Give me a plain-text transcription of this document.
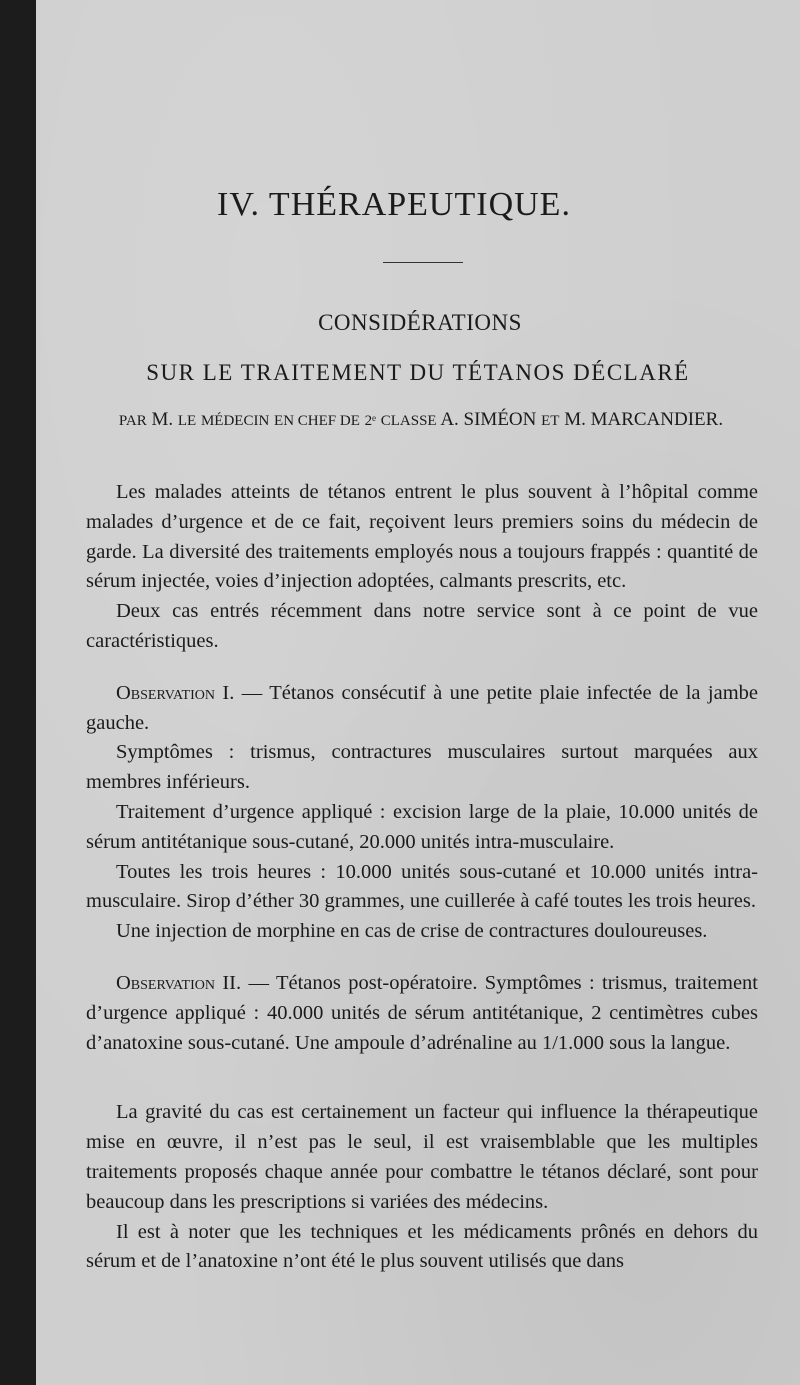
IV. THÉRAPEUTIQUE.
CONSIDÉRATIONS
SUR LE TRAITEMENT DU TÉTANOS DÉCLARÉ

PAR M. LE MÉDECIN EN CHEF DE 2ᵉ CLASSE A. SIMÉON ET M. MARCANDIER.

Les malades atteints de tétanos entrent le plus souvent à l’hôpital comme malades d’urgence et de ce fait, reçoivent leurs premiers soins du médecin de garde. La diversité des traitements employés nous a toujours frappés : quantité de sérum injectée, voies d’injection adoptées, calmants prescrits, etc.

Deux cas entrés récemment dans notre service sont à ce point de vue caractéristiques.

Observation I. — Tétanos consécutif à une petite plaie infectée de la jambe gauche.

Symptômes : trismus, contractures musculaires surtout marquées aux membres inférieurs.

Traitement d’urgence appliqué : excision large de la plaie, 10.000 unités de sérum antitétanique sous-cutané, 20.000 unités intra-musculaire.

Toutes les trois heures : 10.000 unités sous-cutané et 10.000 unités intra-musculaire. Sirop d’éther 30 grammes, une cuillerée à café toutes les trois heures.

Une injection de morphine en cas de crise de contractures douloureuses.

Observation II. — Tétanos post-opératoire. Symptômes : trismus, traitement d’urgence appliqué : 40.000 unités de sérum antitétanique, 2 centimètres cubes d’anatoxine sous-cutané. Une ampoule d’adrénaline au 1/1.000 sous la langue.

La gravité du cas est certainement un facteur qui influence la thérapeutique mise en œuvre, il n’est pas le seul, il est vraisemblable que les multiples traitements proposés chaque année pour combattre le tétanos déclaré, sont pour beaucoup dans les prescriptions si variées des médecins.

Il est à noter que les techniques et les médicaments prônés en dehors du sérum et de l’anatoxine n’ont été le plus souvent utilisés que dans
